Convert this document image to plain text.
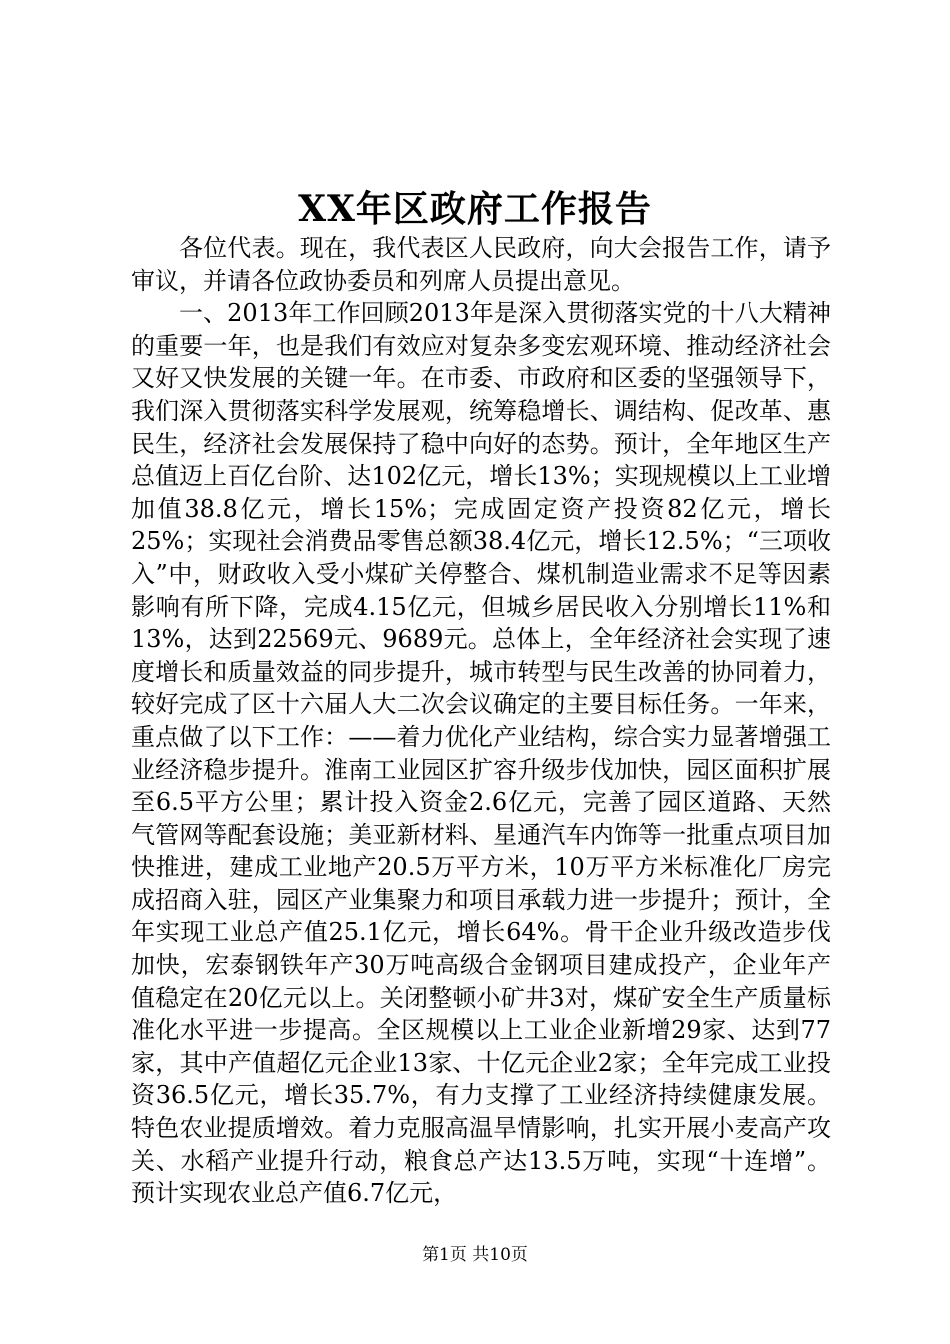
XX年区政府工作报告

各位代表。现在，我代表区人民政府，向大会报告工作，请予审议，并请各位政协委员和列席人员提出意见。

一、2013年工作回顾2013年是深入贯彻落实党的十八大精神的重要一年，也是我们有效应对复杂多变宏观环境、推动经济社会又好又快发展的关键一年。在市委、市政府和区委的坚强领导下，我们深入贯彻落实科学发展观，统筹稳增长、调结构、促改革、惠民生，经济社会发展保持了稳中向好的态势。预计，全年地区生产总值迈上百亿台阶、达102亿元，增长13%；实现规模以上工业增加值38.8亿元，增长15%；完成固定资产投资82亿元，增长25%；实现社会消费品零售总额38.4亿元，增长12.5%；“三项收入”中，财政收入受小煤矿关停整合、煤机制造业需求不足等因素影响有所下降，完成4.15亿元，但城乡居民收入分别增长11%和13%，达到22569元、9689元。总体上，全年经济社会实现了速度增长和质量效益的同步提升，城市转型与民生改善的协同着力，较好完成了区十六届人大二次会议确定的主要目标任务。一年来，重点做了以下工作：——着力优化产业结构，综合实力显著增强工业经济稳步提升。淮南工业园区扩容升级步伐加快，园区面积扩展至6.5平方公里；累计投入资金2.6亿元，完善了园区道路、天然气管网等配套设施；美亚新材料、星通汽车内饰等一批重点项目加快推进，建成工业地产20.5万平方米，10万平方米标准化厂房完成招商入驻，园区产业集聚力和项目承载力进一步提升；预计，全年实现工业总产值25.1亿元，增长64%。骨干企业升级改造步伐加快，宏泰钢铁年产30万吨高级合金钢项目建成投产，企业年产值稳定在20亿元以上。关闭整顿小矿井3对，煤矿安全生产质量标准化水平进一步提高。全区规模以上工业企业新增29家、达到77家，其中产值超亿元企业13家、十亿元企业2家；全年完成工业投资36.5亿元，增长35.7%，有力支撑了工业经济持续健康发展。特色农业提质增效。着力克服高温旱情影响，扎实开展小麦高产攻关、水稻产业提升行动，粮食总产达13.5万吨，实现“十连增”。预计实现农业总产值6.7亿元，

第1页 共10页
